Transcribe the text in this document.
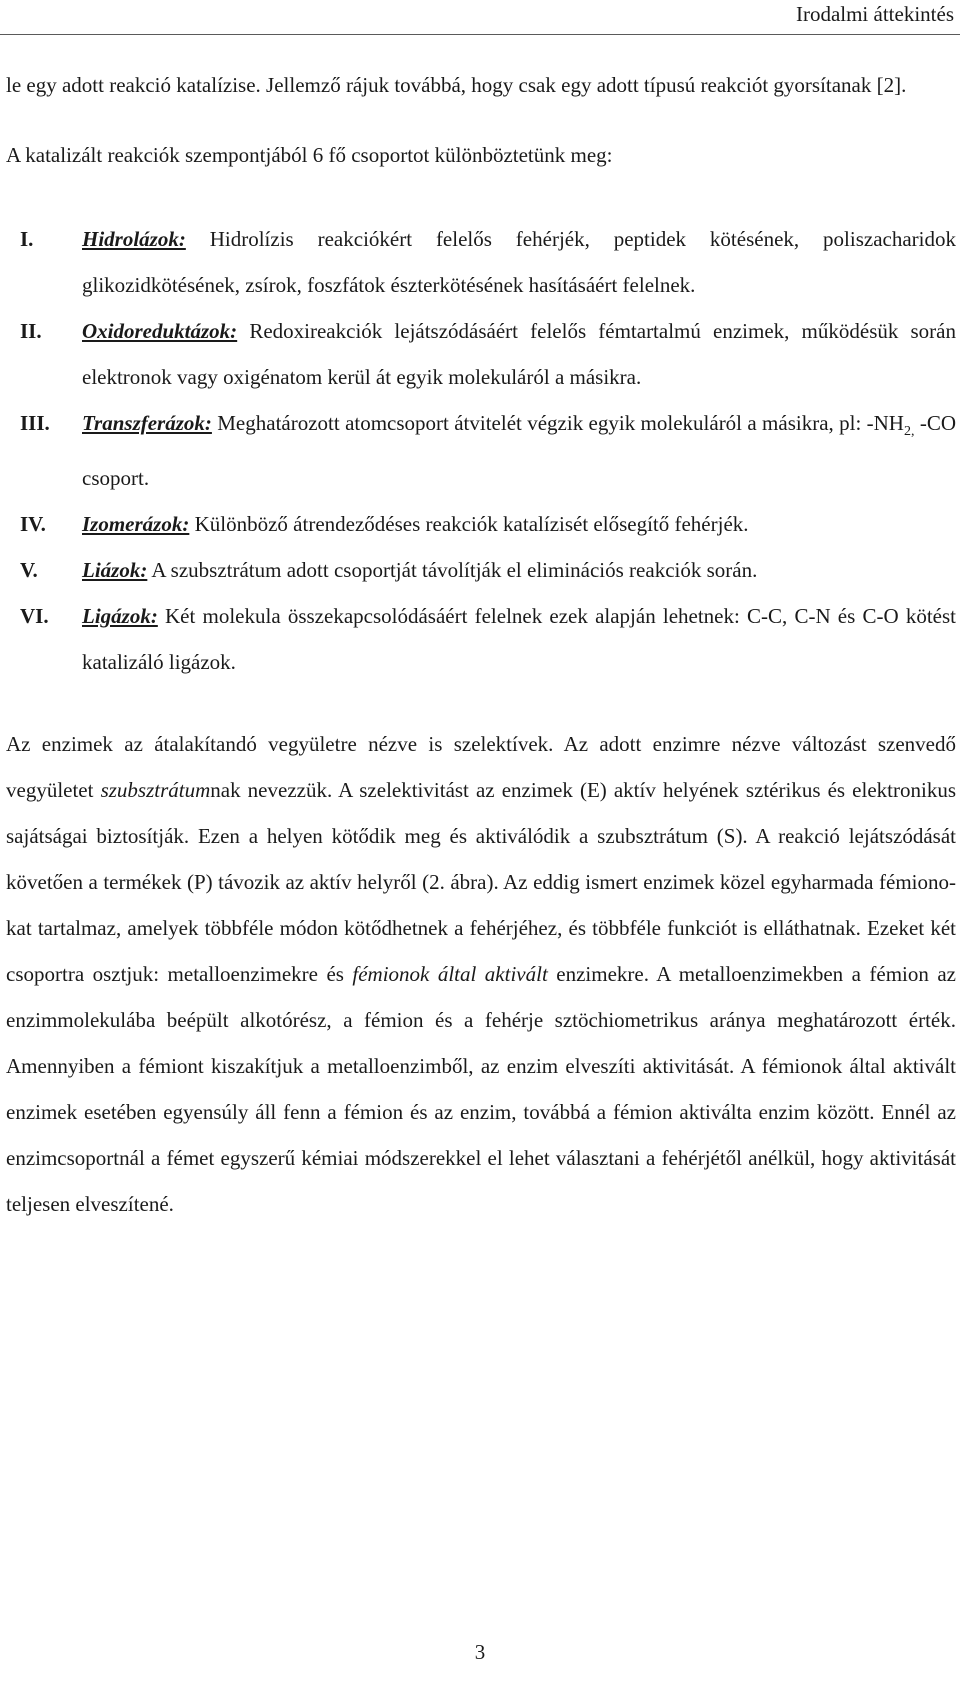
Irodalmi áttekintés

le egy adott reakció katalízise. Jellemző rájuk továbbá, hogy csak egy adott típusú reakciót gyorsítanak [2].

A katalizált reakciók szempontjából 6 fő csoportot különböztetünk meg:

I. Hidrolázok: Hidrolízis reakciókért felelős fehérjék, peptidek kötésének, poliszacharidok glikozidkötésének, zsírok, foszfátok észterkötésének hasításáért felelnek.
II. Oxidoreduktázok: Redoxireakciók lejátszódásáért felelős fémtartalmú enzimek, működésük során elektronok vagy oxigénatom kerül át egyik molekuláról a másikra.
III. Transzferázok: Meghatározott atomcsoport átvitelét végzik egyik molekuláról a másikra, pl: $-NH_{2,}$ -CO csoport.
IV. Izomerázok: Különböző átrendeződéses reakciók katalízisét elősegítő fehérjék.
V. Liázok: A szubsztrátum adott csoportját távolítják el eliminációs reakciók során.
VI. Ligázok: Két molekula összekapcsolódásáért felelnek ezek alapján lehetnek: C-C, C-N és C-O kötést katalizáló ligázok.

Az enzimek az átalakítandó vegyületre nézve is szelektívek. Az adott enzimre nézve változást szenvedő vegyületet szubsztrátumnak nevezzük. A szelektivitást az enzimek (E) aktív helyének sztérikus és elektronikus sajátságai biztosítják. Ezen a helyen kötődik meg és aktiválódik a szubsztrátum (S). A reakció lejátszódását követően a termékek (P) távozik az aktív helyről (2. ábra). Az eddig ismert enzimek közel egyharmada fémiono-kat tartalmaz, amelyek többféle módon kötődhetnek a fehérjéhez, és többféle funkciót is elláthatnak. Ezeket két csoportra osztjuk: metalloenzimekre és fémionok által aktivált enzimekre. A metalloenzimekben a fémion az enzimmolekulába beépült alkotórész, a fémion és a fehérje sztöchiometrikus aránya meghatározott érték. Amennyiben a fémiont kiszakítjuk a metalloenzimből, az enzim elveszíti aktivitását. A fémionok által aktivált enzimek esetében egyensúly áll fenn a fémion és az enzim, továbbá a fémion aktiválta enzim között. Ennél az enzimcsoportnál a fémet egyszerű kémiai módszerekkel el lehet választani a fehérjétől anélkül, hogy aktivitását teljesen elveszítené.

3
